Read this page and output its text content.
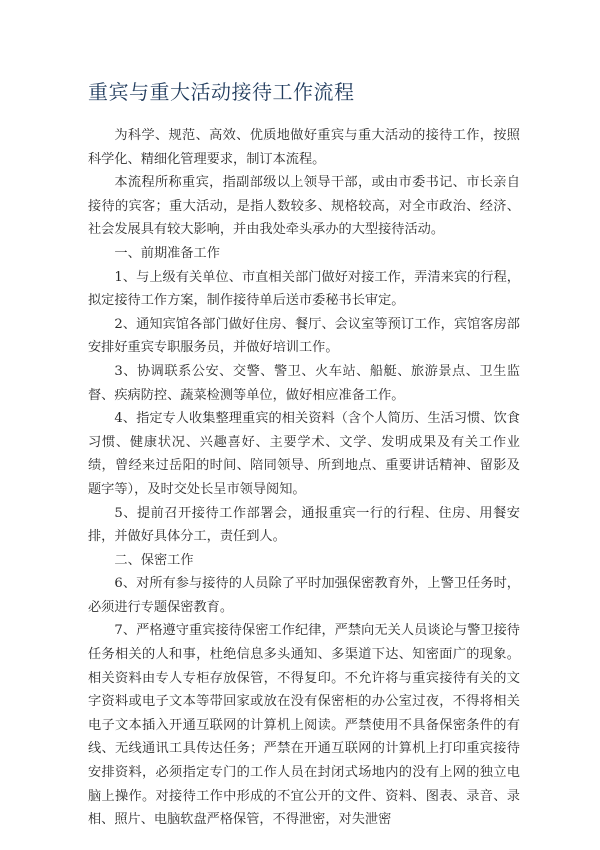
重宾与重大活动接待工作流程

为科学、规范、高效、优质地做好重宾与重大活动的接待工作，按照科学化、精细化管理要求，制订本流程。

本流程所称重宾，指副部级以上领导干部，或由市委书记、市长亲自接待的宾客；重大活动，是指人数较多、规格较高，对全市政治、经济、社会发展具有较大影响，并由我处牵头承办的大型接待活动。

一、前期准备工作

1、与上级有关单位、市直相关部门做好对接工作，弄清来宾的行程，拟定接待工作方案，制作接待单后送市委秘书长审定。

2、通知宾馆各部门做好住房、餐厅、会议室等预订工作，宾馆客房部安排好重宾专职服务员，并做好培训工作。

3、协调联系公安、交警、警卫、火车站、船艇、旅游景点、卫生监督、疾病防控、蔬菜检测等单位，做好相应准备工作。

4、指定专人收集整理重宾的相关资料（含个人简历、生活习惯、饮食习惯、健康状况、兴趣喜好、主要学术、文学、发明成果及有关工作业绩，曾经来过岳阳的时间、陪同领导、所到地点、重要讲话精神、留影及题字等），及时交处长呈市领导阅知。

5、提前召开接待工作部署会，通报重宾一行的行程、住房、用餐安排，并做好具体分工，责任到人。

二、保密工作

6、对所有参与接待的人员除了平时加强保密教育外，上警卫任务时，必须进行专题保密教育。

7、严格遵守重宾接待保密工作纪律，严禁向无关人员谈论与警卫接待任务相关的人和事，杜绝信息多头通知、多渠道下达、知密面广的现象。相关资料由专人专柜存放保管，不得复印。不允许将与重宾接待有关的文字资料或电子文本等带回家或放在没有保密柜的办公室过夜，不得将相关电子文本插入开通互联网的计算机上阅读。严禁使用不具备保密条件的有线、无线通讯工具传达任务；严禁在开通互联网的计算机上打印重宾接待安排资料，必须指定专门的工作人员在封闭式场地内的没有上网的独立电脑上操作。对接待工作中形成的不宜公开的文件、资料、图表、录音、录相、照片、电脑软盘严格保管，不得泄密，对失泄密
